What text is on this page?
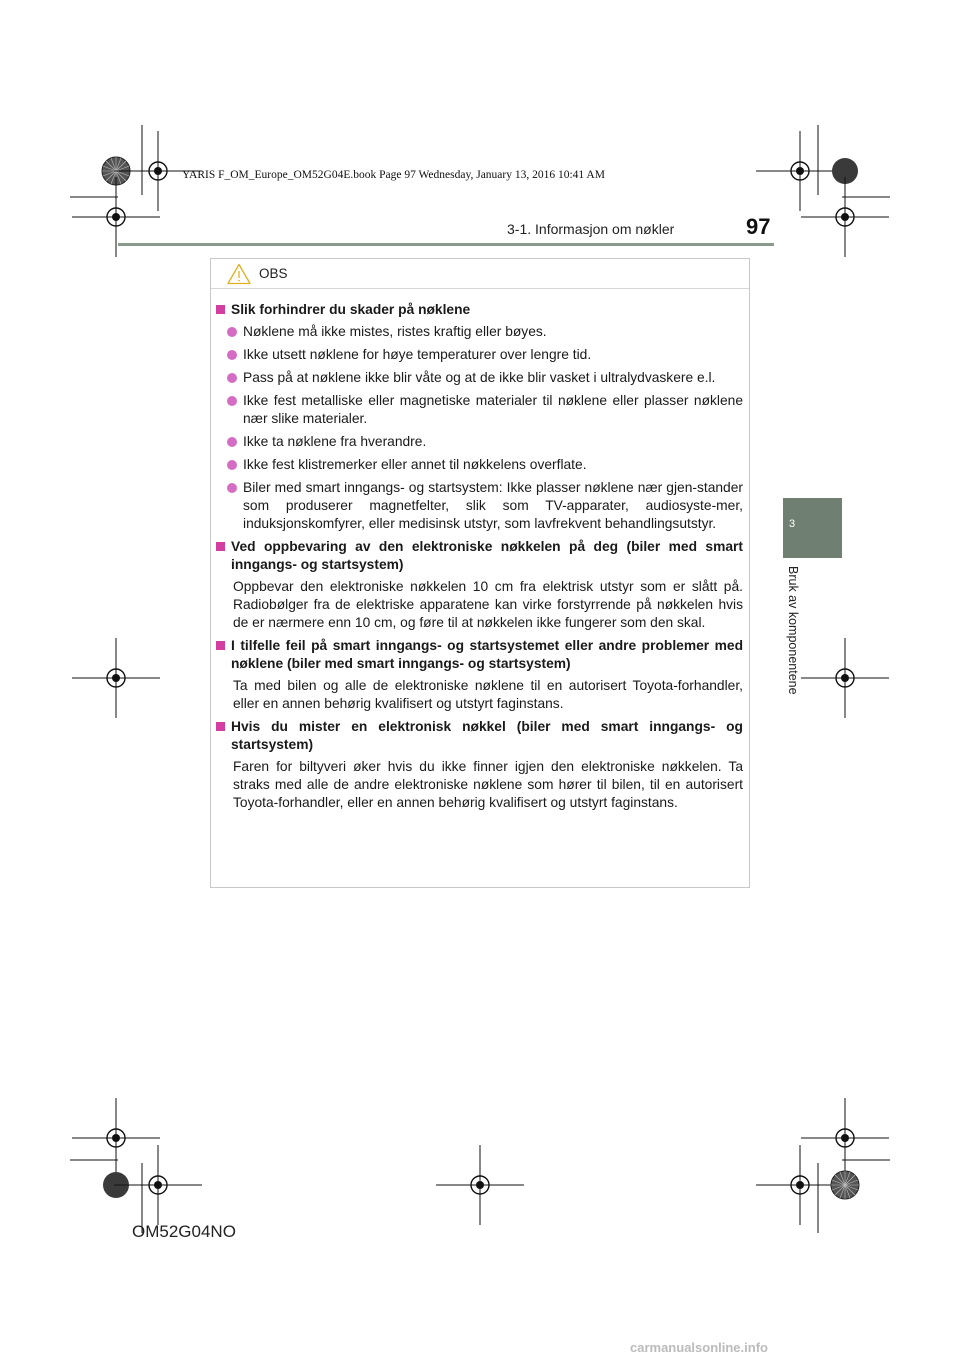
YARIS F_OM_Europe_OM52G04E.book Page 97 Wednesday, January 13, 2016 10:41 AM
3-1. Informasjon om nøkler	97
3
Bruk av komponentene
OBS
Slik forhindrer du skader på nøklene
Nøklene må ikke mistes, ristes kraftig eller bøyes.
Ikke utsett nøklene for høye temperaturer over lengre tid.
Pass på at nøklene ikke blir våte og at de ikke blir vasket i ultralydvaskere e.l.
Ikke fest metalliske eller magnetiske materialer til nøklene eller plasser nøklene nær slike materialer.
Ikke ta nøklene fra hverandre.
Ikke fest klistremerker eller annet til nøkkelens overflate.
Biler med smart inngangs- og startsystem: Ikke plasser nøklene nær gjen-stander som produserer magnetfelter, slik som TV-apparater, audiosyste-mer, induksjonskomfyrer, eller medisinsk utstyr, som lavfrekvent behandlingsutstyr.
Ved oppbevaring av den elektroniske nøkkelen på deg (biler med smart inngangs- og startsystem)
Oppbevar den elektroniske nøkkelen 10 cm fra elektrisk utstyr som er slått på. Radiobølger fra de elektriske apparatene kan virke forstyrrende på nøkkelen hvis de er nærmere enn 10 cm, og føre til at nøkkelen ikke fungerer som den skal.
I tilfelle feil på smart inngangs- og startsystemet eller andre problemer med nøklene (biler med smart inngangs- og startsystem)
Ta med bilen og alle de elektroniske nøklene til en autorisert Toyota-forhandler, eller en annen behørig kvalifisert og utstyrt faginstans.
Hvis du mister en elektronisk nøkkel (biler med smart inngangs- og startsystem)
Faren for biltyveri øker hvis du ikke finner igjen den elektroniske nøkkelen. Ta straks med alle de andre elektroniske nøklene som hører til bilen, til en autorisert Toyota-forhandler, eller en annen behørig kvalifisert og utstyrt faginstans.
OM52G04NO
carmanualsonline.info
